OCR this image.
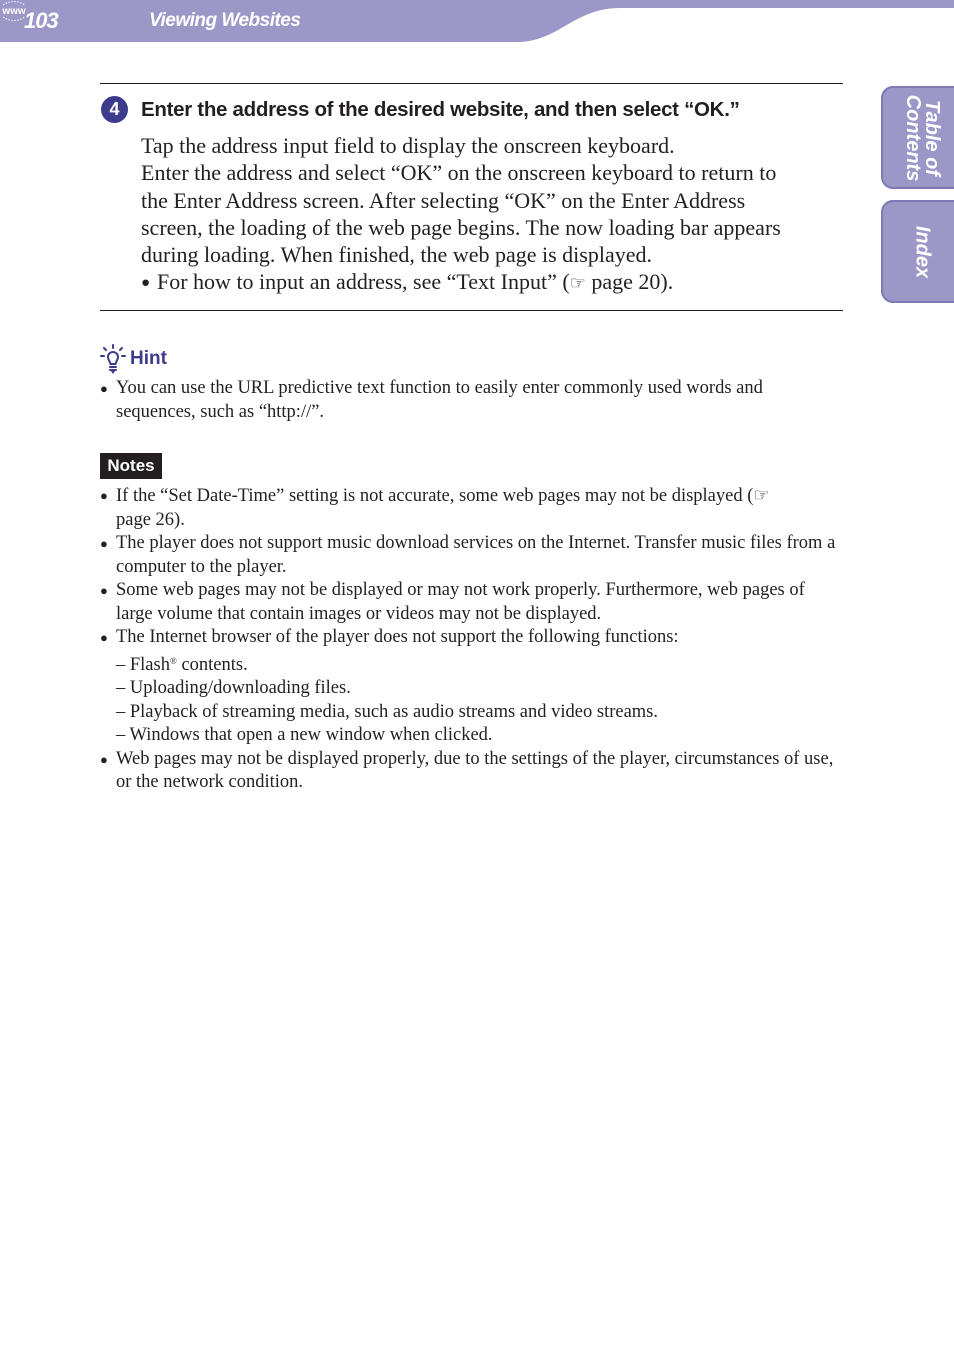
103
www	Viewing Websites
Table of
Contents
Index
4	Enter the address of the desired website, and then select “OK.”

Tap the address input field to display the onscreen keyboard.

Enter the address and select “OK” on the onscreen keyboard to return to

the Enter Address screen. After selecting “OK” on the Enter Address

screen, the loading of the web page begins. The now loading bar appears

during loading. When finished, the web page is displayed.

● For how to input an address, see “Text Input” (☞ page 20).

Hint
● You can use the URL predictive text function to easily enter commonly used words and sequences, such as “http://”.
Notes
● If the “Set Date-Time” setting is not accurate, some web pages may not be displayed (☞
page 26).
● The player does not support music download services on the Internet. Transfer music files from a computer to the player.
● Some web pages may not be displayed or may not work properly. Furthermore, web pages of large volume that contain images or videos may not be displayed.
● The Internet browser of the player does not support the following functions:
– Flash® contents.
– Uploading/downloading files.
– Playback of streaming media, such as audio streams and video streams.
– Windows that open a new window when clicked.
● Web pages may not be displayed properly, due to the settings of the player, circumstances of use, or the network condition.
